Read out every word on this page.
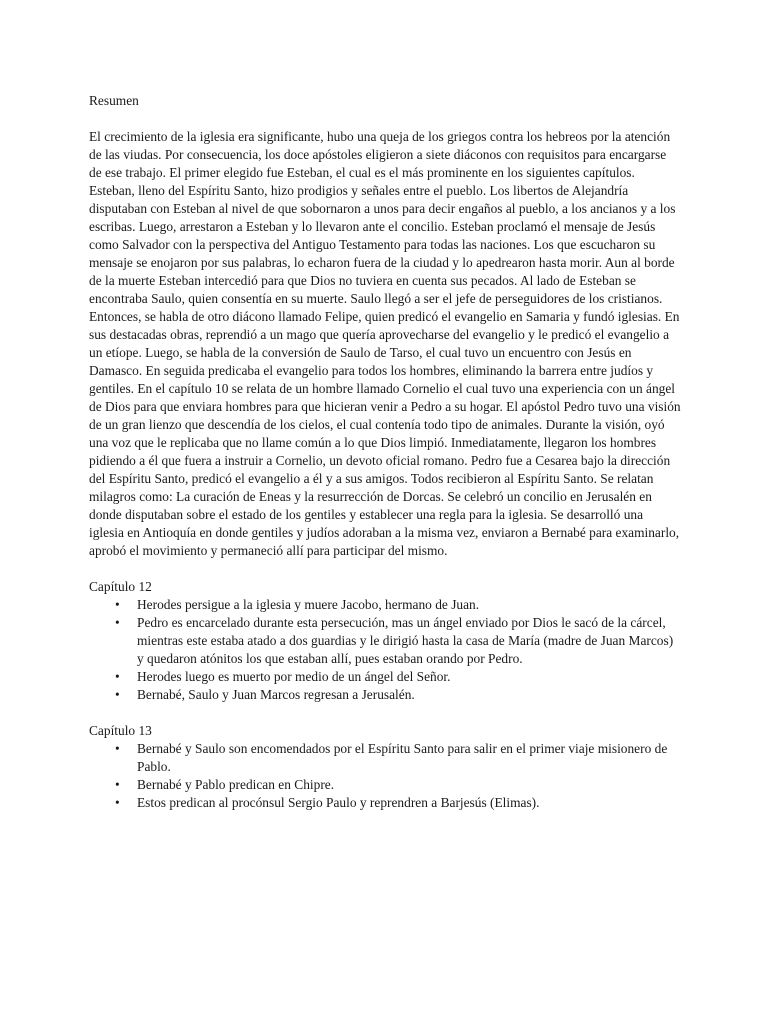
Resumen

El crecimiento de la iglesia era significante, hubo una queja de los griegos contra los hebreos por la atención de las viudas. Por consecuencia, los doce apóstoles eligieron a siete diáconos con requisitos para encargarse de ese trabajo. El primer elegido fue Esteban, el cual es el más prominente en los siguientes capítulos. Esteban, lleno del Espíritu Santo, hizo prodigios y señales entre el pueblo. Los libertos de Alejandría disputaban con Esteban al nivel de que sobornaron a unos para decir engaños al pueblo, a los ancianos y a los escribas. Luego, arrestaron a Esteban y lo llevaron ante el concilio. Esteban proclamó el mensaje de Jesús como Salvador con la perspectiva del Antiguo Testamento para todas las naciones. Los que escucharon su mensaje se enojaron por sus palabras, lo echaron fuera de la ciudad y lo apedrearon hasta morir. Aun al borde de la muerte Esteban intercedió para que Dios no tuviera en cuenta sus pecados. Al lado de Esteban se encontraba Saulo, quien consentía en su muerte. Saulo llegó a ser el jefe de perseguidores de los cristianos. Entonces, se habla de otro diácono llamado Felipe, quien predicó el evangelio en Samaria y fundó iglesias. En sus destacadas obras, reprendió a un mago que quería aprovecharse del evangelio y le predicó el evangelio a un etíope. Luego, se habla de la conversión de Saulo de Tarso, el cual tuvo un encuentro con Jesús en Damasco. En seguida predicaba el evangelio para todos los hombres, eliminando la barrera entre judíos y gentiles. En el capítulo 10 se relata de un hombre llamado Cornelio el cual tuvo una experiencia con un ángel de Dios para que enviara hombres para que hicieran venir a Pedro a su hogar. El apóstol Pedro tuvo una visión de un gran lienzo que descendía de los cielos, el cual contenía todo tipo de animales. Durante la visión, oyó una voz que le replicaba que no llame común a lo que Dios limpió. Inmediatamente, llegaron los hombres pidiendo a él que fuera a instruir a Cornelio, un devoto oficial romano. Pedro fue a Cesarea bajo la dirección del Espíritu Santo, predicó el evangelio a él y a sus amigos. Todos recibieron al Espíritu Santo. Se relatan milagros como: La curación de Eneas y la resurrección de Dorcas. Se celebró un concilio en Jerusalén en donde disputaban sobre el estado de los gentiles y establecer una regla para la iglesia. Se desarrolló una iglesia en Antioquía en donde gentiles y judíos adoraban a la misma vez, enviaron a Bernabé para examinarlo, aprobó el movimiento y permaneció allí para participar del mismo.

Capítulo 12

• Herodes persigue a la iglesia y muere Jacobo, hermano de Juan.
• Pedro es encarcelado durante esta persecución, mas un ángel enviado por Dios le sacó de la cárcel, mientras este estaba atado a dos guardias y le dirigió hasta la casa de María (madre de Juan Marcos) y quedaron atónitos los que estaban allí, pues estaban orando por Pedro.
• Herodes luego es muerto por medio de un ángel del Señor.
• Bernabé, Saulo y Juan Marcos regresan a Jerusalén.

Capítulo 13

• Bernabé y Saulo son encomendados por el Espíritu Santo para salir en el primer viaje misionero de Pablo.
• Bernabé y Pablo predican en Chipre.
• Estos predican al procónsul Sergio Paulo y reprendren a Barjesús (Elimas).
